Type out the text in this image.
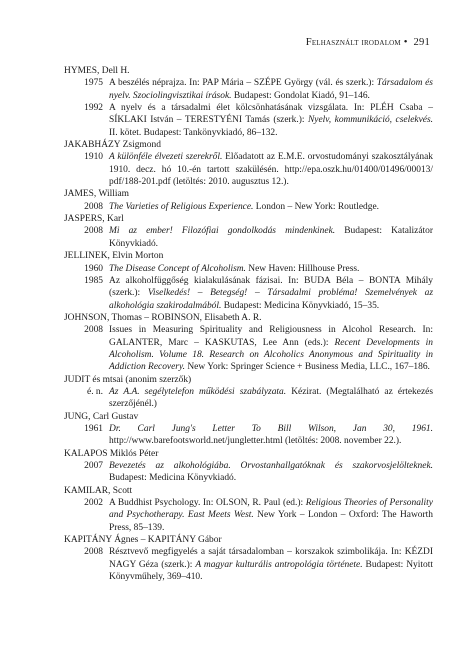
Felhasznált irodalom • 291
HYMES, Dell H.
1975 A beszélés néprajza. In: PAP Mária – SZÉPE György (vál. és szerk.): Társadalom és nyelv. Szociolingvisztikai írások. Budapest: Gondolat Kiadó, 91–146.
1992 A nyelv és a társadalmi élet kölcsönhatásának vizsgálata. In: PLÉH Csaba – SÍKLAKI István – TERESTYÉNI Tamás (szerk.): Nyelv, kommunikáció, cselekvés. II. kötet. Budapest: Tankönyvkiadó, 86–132.
JAKABHÁZY Zsigmond
1910 A különféle élvezeti szerekről. Előadatott az E.M.E. orvostudományi szakosztályának 1910. decz. hó 10.-én tartott szakülésén. http://epa.oszk.hu/01400/01496/00013/ pdf/188-201.pdf (letöltés: 2010. augusztus 12.).
JAMES, William
2008 The Varieties of Religious Experience. London – New York: Routledge.
JASPERS, Karl
2008 Mi az ember! Filozófiai gondolkodás mindenkinek. Budapest: Katalizátor Könyvkiadó.
JELLINEK, Elvin Morton
1960 The Disease Concept of Alcoholism. New Haven: Hillhouse Press.
1985 Az alkoholfüggőség kialakulásának fázisai. In: BUDA Béla – BONTA Mihály (szerk.): Viselkedés! – Betegség! – Társadalmi probléma! Szemelvények az alkohológia szakirodalmából. Budapest: Medicina Könyvkiadó, 15–35.
JOHNSON, Thomas – ROBINSON, Elisabeth A. R.
2008 Issues in Measuring Spirituality and Religiousness in Alcohol Research. In: GALANTER, Marc – KASKUTAS, Lee Ann (eds.): Recent Developments in Alcoholism. Volume 18. Research on Alcoholics Anonymous and Spirituality in Addiction Recovery. New York: Springer Science + Business Media, LLC., 167–186.
JUDIT és mtsai (anonim szerzők)
é. n. Az A.A. segélytelefon működési szabályzata. Kézirat. (Megtalálható az értekezés szerzőjénél.)
JUNG, Carl Gustav
1961 Dr. Carl Jung's Letter To Bill Wilson, Jan 30, 1961. http://www.barefootsworld.net/jungletter.html (letöltés: 2008. november 22.).
KALAPOS Miklós Péter
2007 Bevezetés az alkohológiába. Orvostanhallgatóknak és szakorvosjelölteknek. Budapest: Medicina Könyvkiadó.
KAMILAR, Scott
2002 A Buddhist Psychology. In: OLSON, R. Paul (ed.): Religious Theories of Personality and Psychotherapy. East Meets West. New York – London – Oxford: The Haworth Press, 85–139.
KAPITÁNY Ágnes – KAPITÁNY Gábor
2008 Résztvevő megfigyelés a saját társadalomban – korszakok szimbolikája. In: KÉZDI NAGY Géza (szerk.): A magyar kulturális antropológia története. Budapest: Nyitott Könyvműhely, 369–410.
